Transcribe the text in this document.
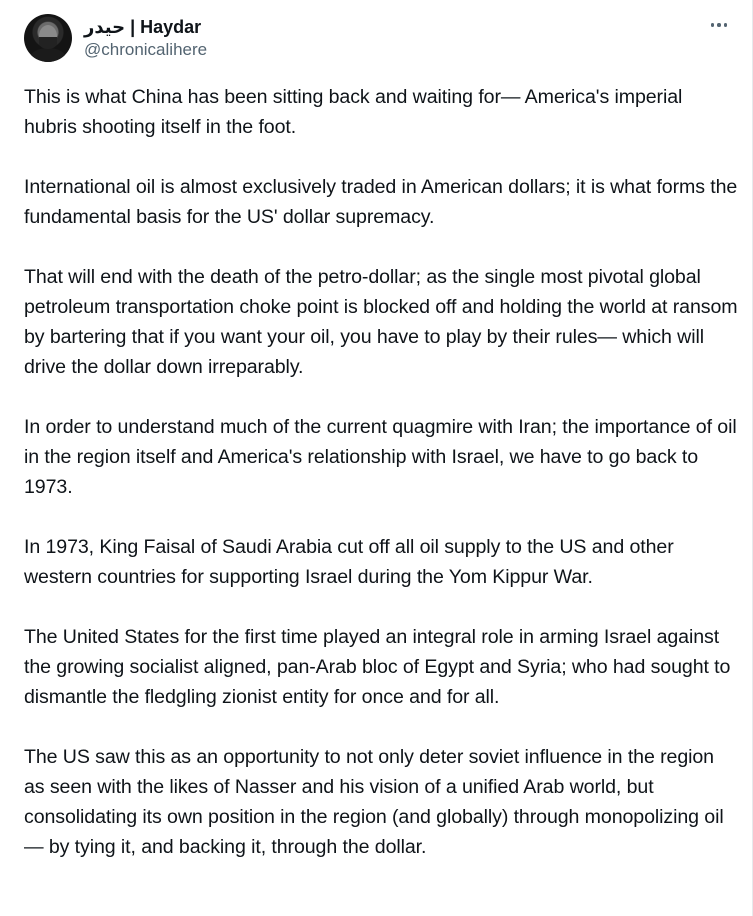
حيدر | Haydar
@chronicalihere

This is what China has been sitting back and waiting for— America's imperial hubris shooting itself in the foot.

International oil is almost exclusively traded in American dollars; it is what forms the fundamental basis for the US' dollar supremacy.

That will end with the death of the petro-dollar; as the single most pivotal global petroleum transportation choke point is blocked off and holding the world at ransom by bartering that if you want your oil, you have to play by their rules— which will drive the dollar down irreparably.

In order to understand much of the current quagmire with Iran; the importance of oil in the region itself and America's relationship with Israel, we have to go back to 1973.

In 1973, King Faisal of Saudi Arabia cut off all oil supply to the US and other western countries for supporting Israel during the Yom Kippur War.

The United States for the first time played an integral role in arming Israel against the growing socialist aligned, pan-Arab bloc of Egypt and Syria; who had sought to dismantle the fledgling zionist entity for once and for all.

The US saw this as an opportunity to not only deter soviet influence in the region as seen with the likes of Nasser and his vision of a unified Arab world, but consolidating its own position in the region (and globally) through monopolizing oil— by tying it, and backing it, through the dollar.
